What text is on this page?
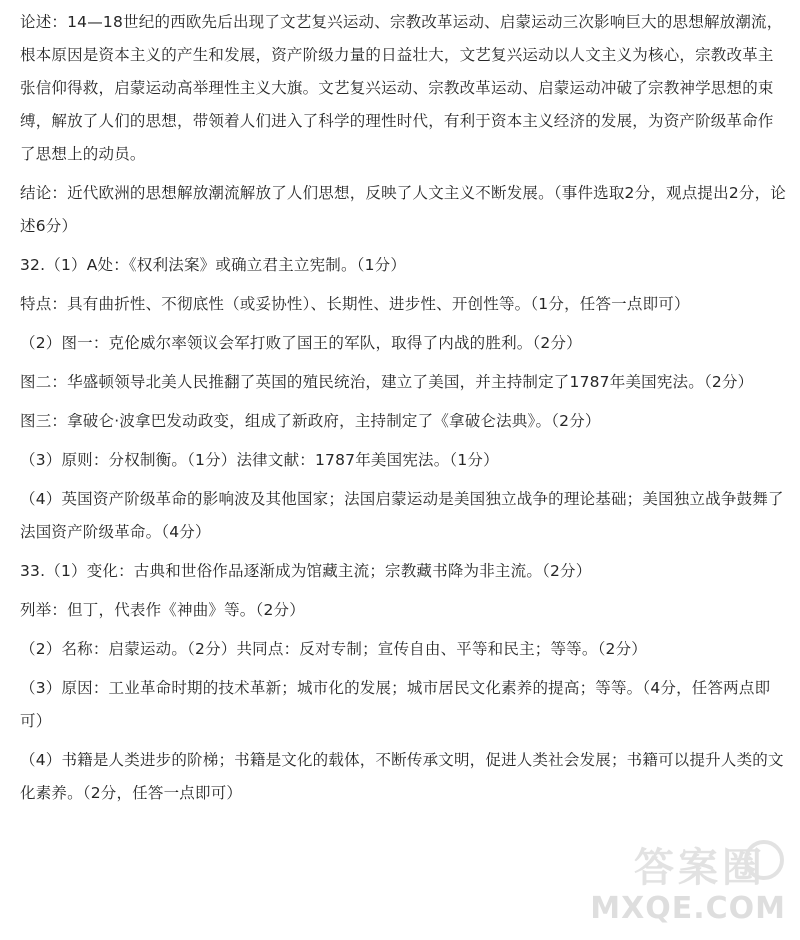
论述：14—18世纪的西欧先后出现了文艺复兴运动、宗教改革运动、启蒙运动三次影响巨大的思想解放潮流，根本原因是资本主义的产生和发展，资产阶级力量的日益壮大，文艺复兴运动以人文主义为核心，宗教改革主张信仰得救，启蒙运动高举理性主义大旗。文艺复兴运动、宗教改革运动、启蒙运动冲破了宗教神学思想的束缚，解放了人们的思想，带领着人们进入了科学的理性时代，有利于资本主义经济的发展，为资产阶级革命作了思想上的动员。

结论：近代欧洲的思想解放潮流解放了人们思想，反映了人文主义不断发展。（事件选取2分，观点提出2分，论述6分）

32.（1）A处：《权利法案》或确立君主立宪制。（1分）

特点：具有曲折性、不彻底性（或妥协性）、长期性、进步性、开创性等。（1分，任答一点即可）

（2）图一：克伦威尔率领议会军打败了国王的军队，取得了内战的胜利。（2分）

图二：华盛顿领导北美人民推翻了英国的殖民统治，建立了美国，并主持制定了1787年美国宪法。（2分）

图三：拿破仑·波拿巴发动政变，组成了新政府，主持制定了《拿破仑法典》。（2分）

（3）原则：分权制衡。（1分）法律文献：1787年美国宪法。（1分）

（4）英国资产阶级革命的影响波及其他国家；法国启蒙运动是美国独立战争的理论基础；美国独立战争鼓舞了法国资产阶级革命。（4分）

33.（1）变化：古典和世俗作品逐渐成为馆藏主流；宗教藏书降为非主流。（2分）

列举：但丁，代表作《神曲》等。（2分）

（2）名称：启蒙运动。（2分）共同点：反对专制；宣传自由、平等和民主；等等。（2分）

（3）原因：工业革命时期的技术革新；城市化的发展；城市居民文化素养的提高；等等。（4分，任答两点即可）

（4）书籍是人类进步的阶梯；书籍是文化的载体，不断传承文明，促进人类社会发展；书籍可以提升人类的文化素养。（2分，任答一点即可）

答案圈
MXQE.COM
